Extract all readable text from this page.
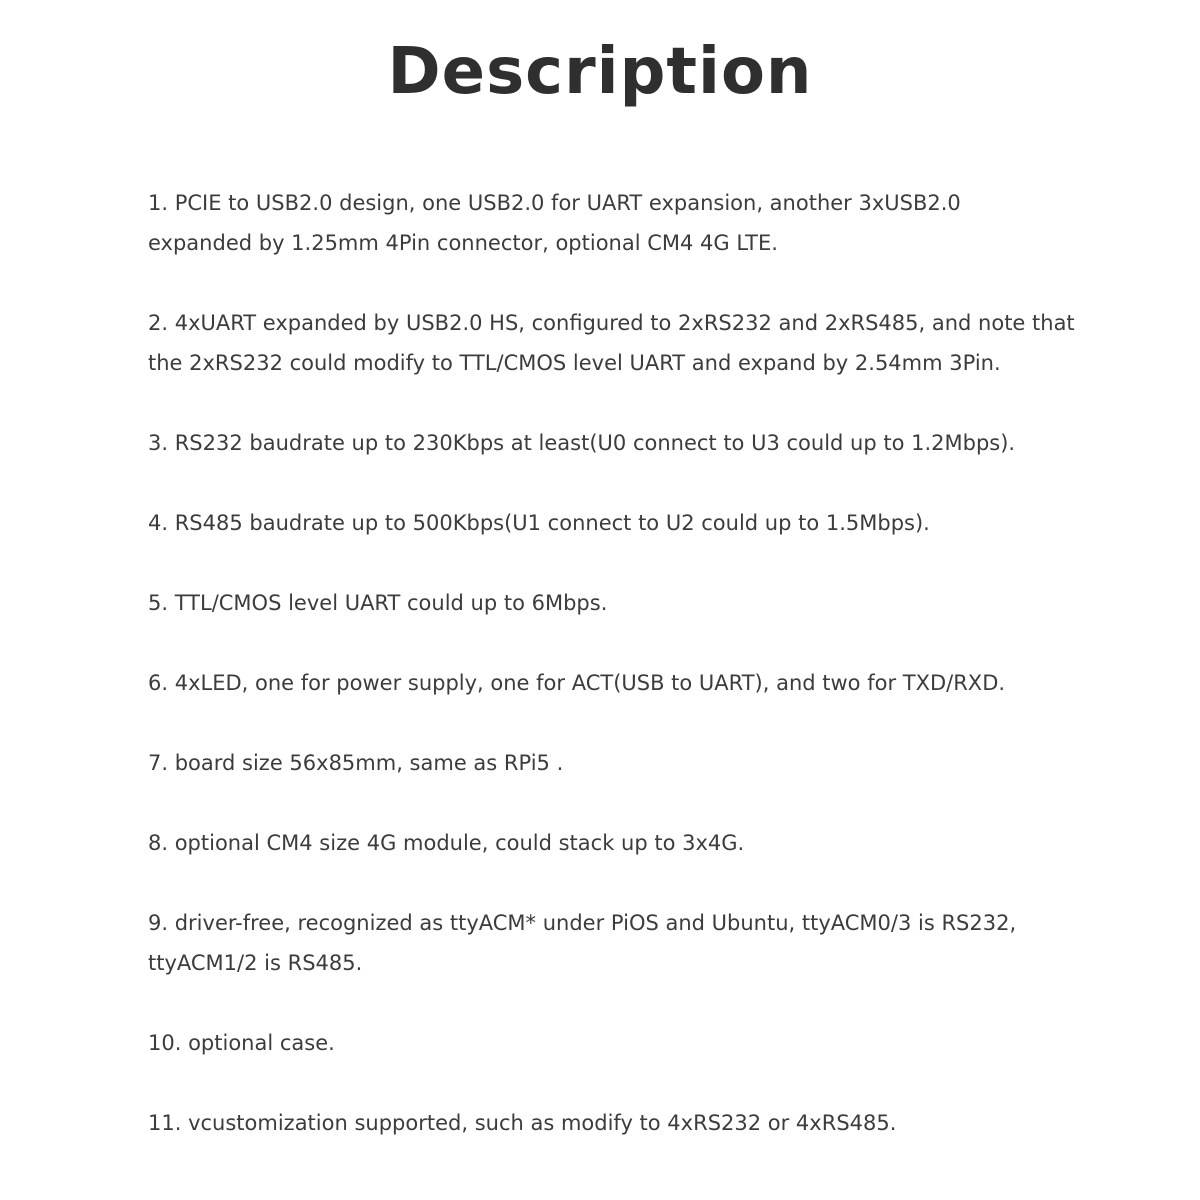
Description
1. PCIE to USB2.0 design, one USB2.0 for UART expansion, another 3xUSB2.0
expanded by 1.25mm 4Pin connector, optional CM4 4G LTE.
2. 4xUART expanded by USB2.0 HS, configured to 2xRS232 and 2xRS485, and note that
the 2xRS232 could modify to TTL/CMOS level UART and expand by 2.54mm 3Pin.
3. RS232 baudrate up to 230Kbps at least(U0 connect to U3 could up to 1.2Mbps).
4. RS485 baudrate up to 500Kbps(U1 connect to U2 could up to 1.5Mbps).
5. TTL/CMOS level UART could up to 6Mbps.
6. 4xLED, one for power supply, one for ACT(USB to UART), and two for TXD/RXD.
7. board size 56x85mm, same as RPi5 .
8. optional CM4 size 4G module, could stack up to 3x4G.
9. driver-free, recognized as ttyACM* under PiOS and Ubuntu, ttyACM0/3 is RS232,
ttyACM1/2 is RS485.
10. optional case.
11. vcustomization supported, such as modify to 4xRS232 or 4xRS485.
